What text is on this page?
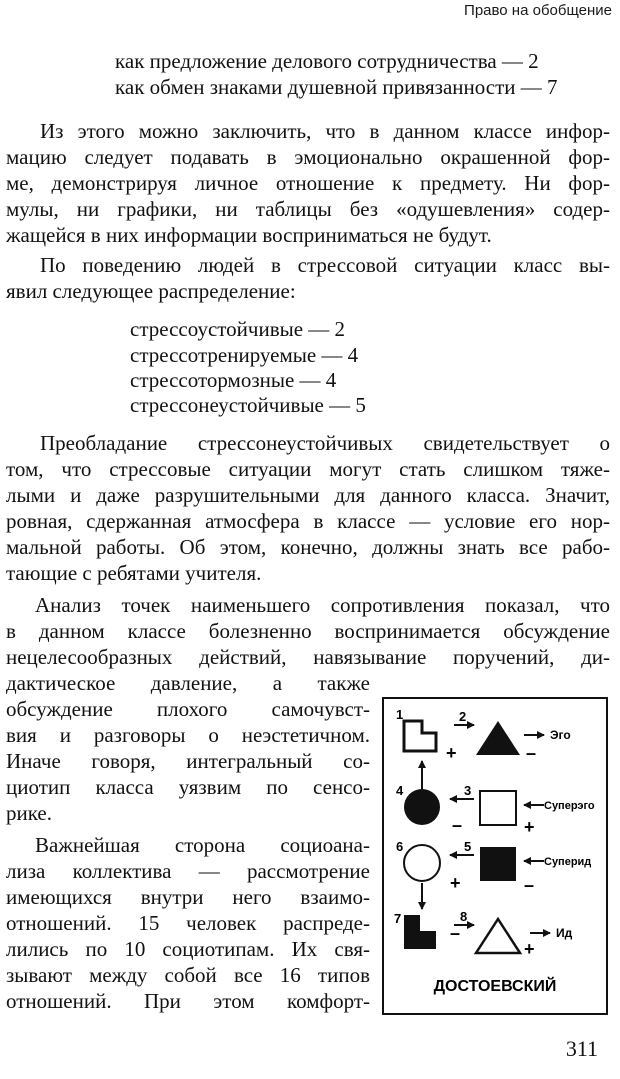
Право на обобщение
как предложение делового сотрудничества — 2
как обмен знаками душевной привязанности — 7
Из этого можно заключить, что в данном классе инфор-
мацию следует подавать в эмоционально окрашенной фор-
ме, демонстрируя личное отношение к предмету. Ни фор-
мулы, ни графики, ни таблицы без «одушевления» содер-
жащейся в них информации восприниматься не будут.
По поведению людей в стрессовой ситуации класс вы-
явил следующее распределение:
стрессоустойчивые — 2
стрессотренируемые — 4
стрессотормозные — 4
стрессонеустойчивые — 5
Преобладание стрессонеустойчивых свидетельствует о
том, что стрессовые ситуации могут стать слишком тяже-
лыми и даже разрушительными для данного класса. Значит,
ровная, сдержанная атмосфера в классе — условие его нор-
мальной работы. Об этом, конечно, должны знать все рабо-
тающие с ребятами учителя.
Анализ точек наименьшего сопротивления показал, что
в данном классе болезненно воспринимается обсуждение
нецелесообразных действий, навязывание поручений, ди-
дактическое давление, а также
обсуждение плохого самочувст-
вия и разговоры о неэстетичном.
Иначе говоря, интегральный со-
циотип класса уязвим по сенсо-
рике.
Важнейшая сторона социоана-
лиза коллектива — рассмотрение
имеющихся внутри него взаимо-
отношений. 15 человек распреде-
лились по 10 социотипам. Их свя-
зывают между собой все 16 типов
отношений. При этом комфорт-
1	2
+
Эго
–
4	3
–
Суперэго
+
6	5
+
Суперид
–
7	8
–
+
Ид
ДОСТОЕВСКИЙ
311
